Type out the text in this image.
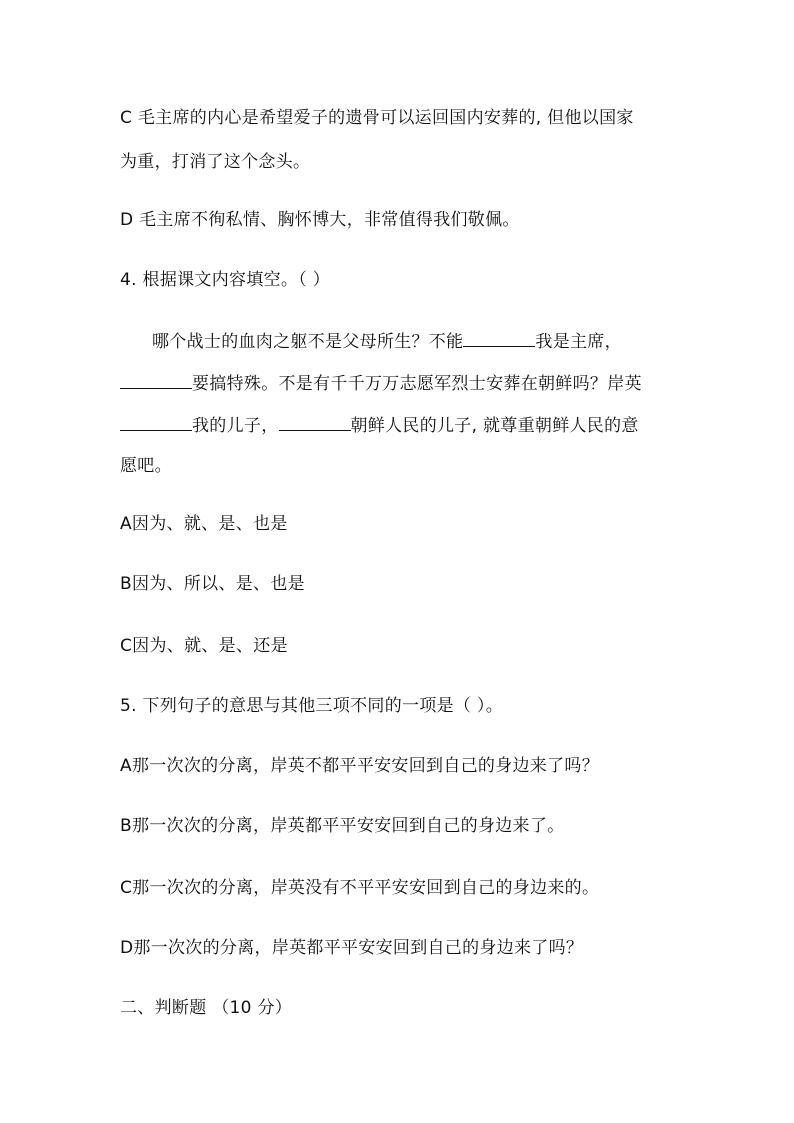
C 毛主席的内心是希望爱子的遗骨可以运回国内安葬的, 但他以国家
为重，打消了这个念头。
D 毛主席不徇私情、胸怀博大，非常值得我们敬佩。
4. 根据课文内容填空。（ ）
哪个战士的血肉之躯不是父母所生？不能	我是主席，
要搞特殊。不是有千千万万志愿军烈士安葬在朝鲜吗？岸英
我的儿子，	朝鲜人民的儿子, 就尊重朝鲜人民的意
愿吧。
A因为、就、是、也是
B因为、所以、是、也是
C因为、就、是、还是
5. 下列句子的意思与其他三项不同的一项是（ ）。
A那一次次的分离，岸英不都平平安安回到自己的身边来了吗？
B那一次次的分离，岸英都平平安安回到自己的身边来了。
C那一次次的分离，岸英没有不平平安安回到自己的身边来的。
D那一次次的分离，岸英都平平安安回到自己的身边来了吗？
二、判断题 （10 分）
